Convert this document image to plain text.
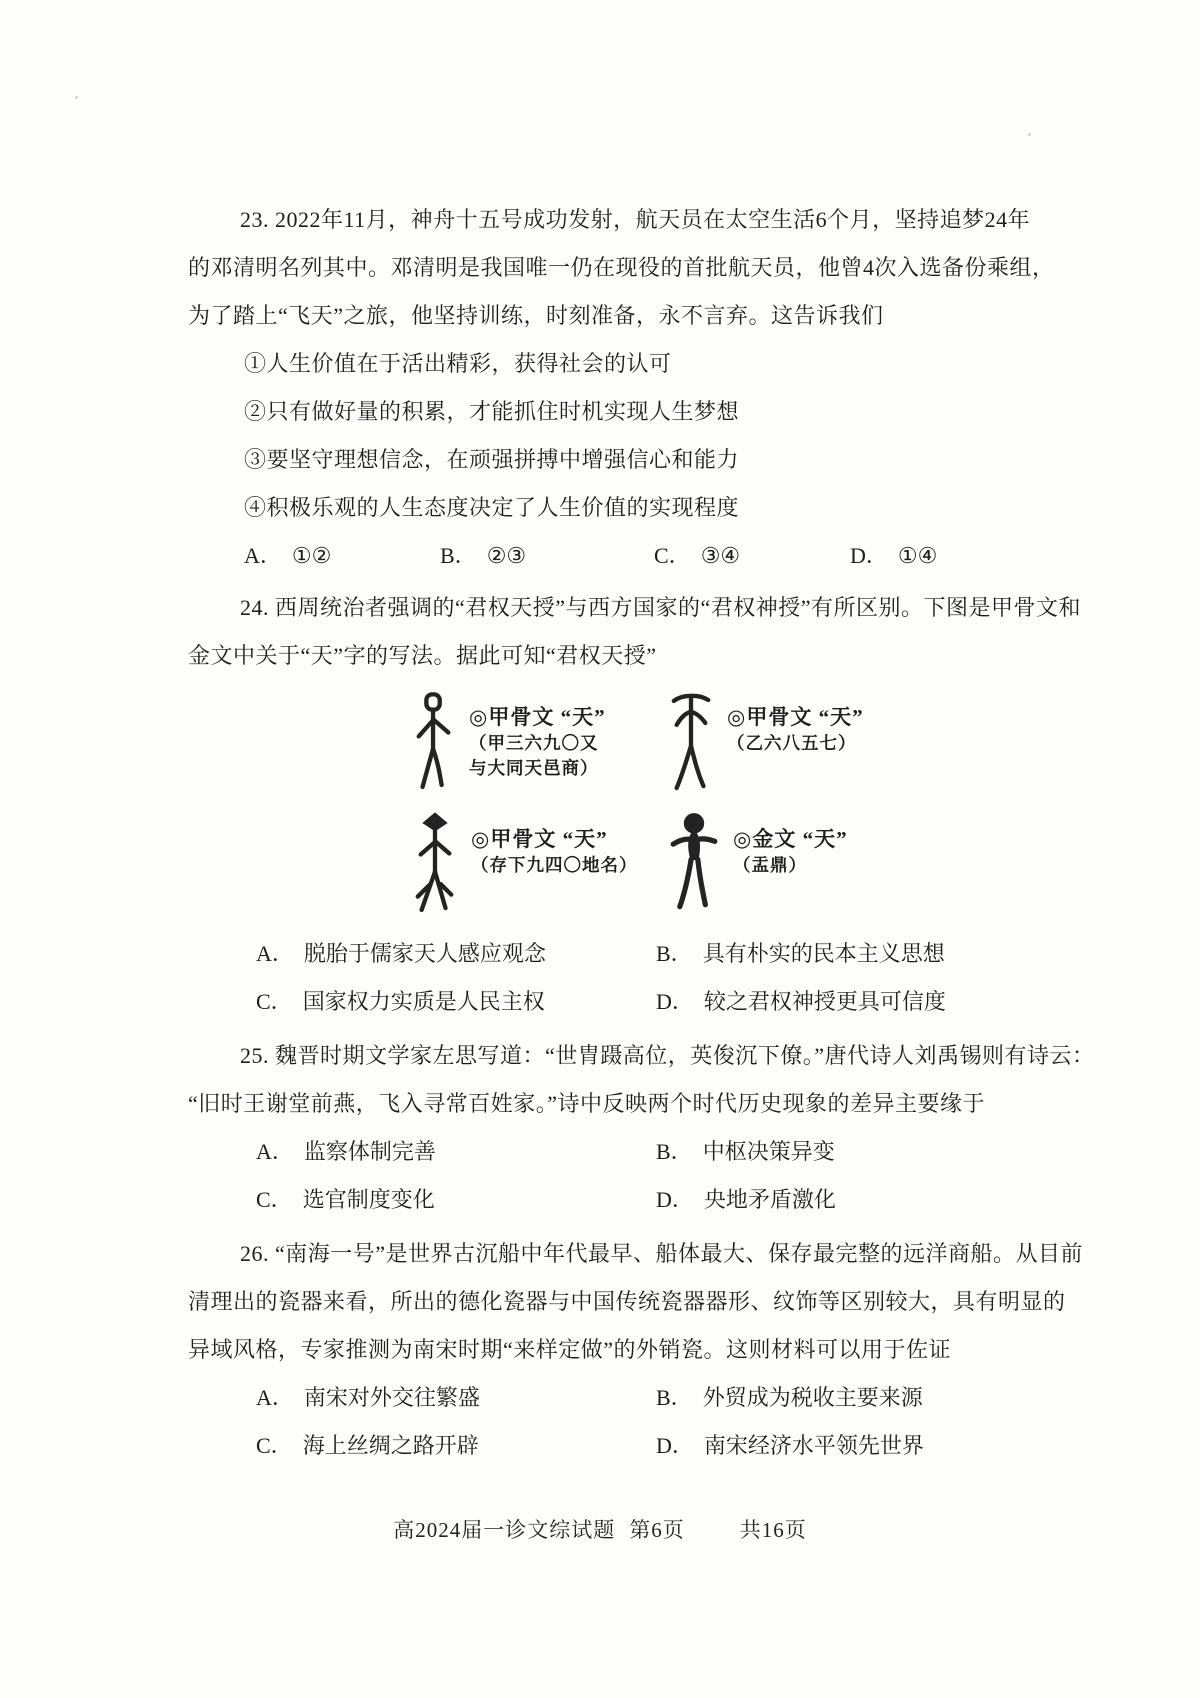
23. 2022年11月，神舟十五号成功发射，航天员在太空生活6个月，坚持追梦24年
的邓清明名列其中。邓清明是我国唯一仍在现役的首批航天员，他曾4次入选备份乘组，
为了踏上“飞天”之旅，他坚持训练，时刻准备，永不言弃。这告诉我们
①人生价值在于活出精彩，获得社会的认可
②只有做好量的积累，才能抓住时机实现人生梦想
③要坚守理想信念，在顽强拼搏中增强信心和能力
④积极乐观的人生态度决定了人生价值的实现程度
A． ①②	B． ②③	C． ③④	D． ①④
24. 西周统治者强调的“君权天授”与西方国家的“君权神授”有所区别。下图是甲骨文和
金文中关于“天”字的写法。据此可知“君权天授”
◎甲骨文 “天”
（甲三六九〇又
与大同天邑商）
◎甲骨文 “天”
（乙六八五七）
◎甲骨文 “天”
（存下九四〇地名）
◎金文 “天”
（盂鼎）
A． 脱胎于儒家天人感应观念	B． 具有朴实的民本主义思想
C． 国家权力实质是人民主权	D． 较之君权神授更具可信度
25. 魏晋时期文学家左思写道：“世胄蹑高位，英俊沉下僚。”唐代诗人刘禹锡则有诗云：
“旧时王谢堂前燕，飞入寻常百姓家。”诗中反映两个时代历史现象的差异主要缘于
A． 监察体制完善	B． 中枢决策异变
C． 选官制度变化	D． 央地矛盾激化
26. “南海一号”是世界古沉船中年代最早、船体最大、保存最完整的远洋商船。从目前
清理出的瓷器来看，所出的德化瓷器与中国传统瓷器器形、纹饰等区别较大，具有明显的
异域风格，专家推测为南宋时期“来样定做”的外销瓷。这则材料可以用于佐证
A． 南宋对外交往繁盛	B． 外贸成为税收主要来源
C． 海上丝绸之路开辟	D． 南宋经济水平领先世界
高2024届一诊文综试题 第6页	共16页
